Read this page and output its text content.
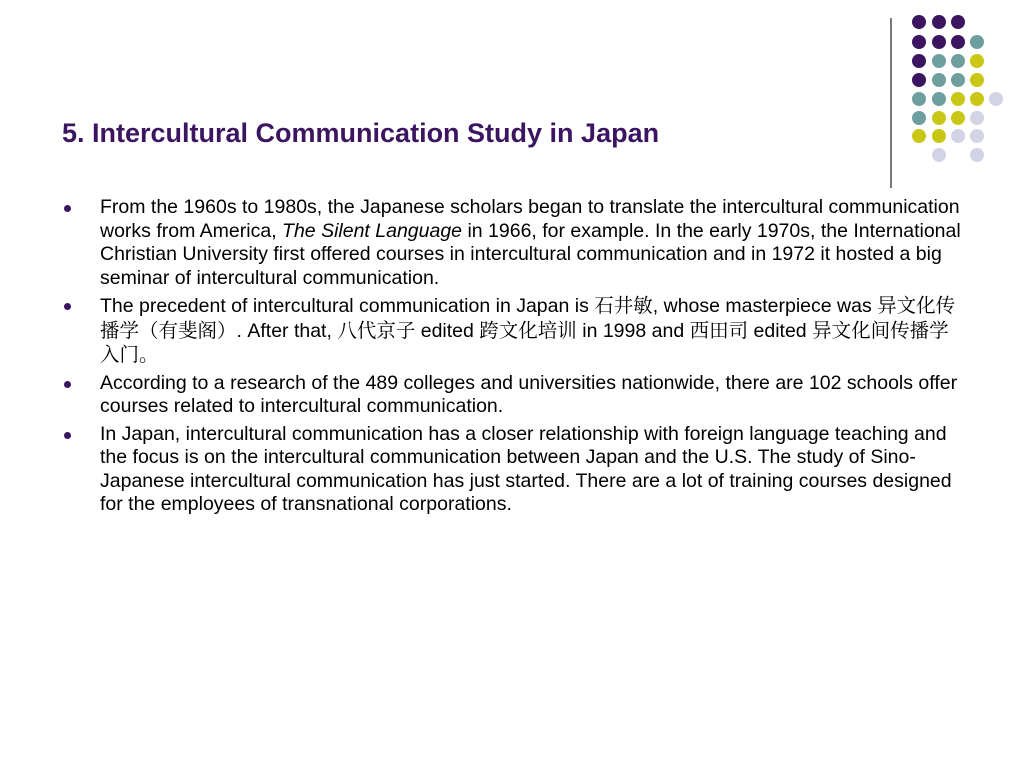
5. Intercultural Communication Study in Japan
From the 1960s to 1980s, the Japanese scholars began to translate the intercultural communication works from America, The Silent Language in 1966, for example. In the early 1970s, the International Christian University first offered courses in intercultural communication and in 1972 it hosted a big seminar of intercultural communication.
The precedent of intercultural communication in Japan is 石井敏, whose masterpiece was 异文化传播学（有斐阁）. After that, 八代京子 edited 跨文化培训 in 1998 and 西田司 edited 异文化间传播学入门。
According to a research of the 489 colleges and universities nationwide, there are 102 schools offer courses related to intercultural communication.
In Japan, intercultural communication has a closer relationship with foreign language teaching and the focus is on the intercultural communication between Japan and the U.S. The study of Sino-Japanese intercultural communication has just started. There are a lot of training courses designed for the employees of transnational corporations.
